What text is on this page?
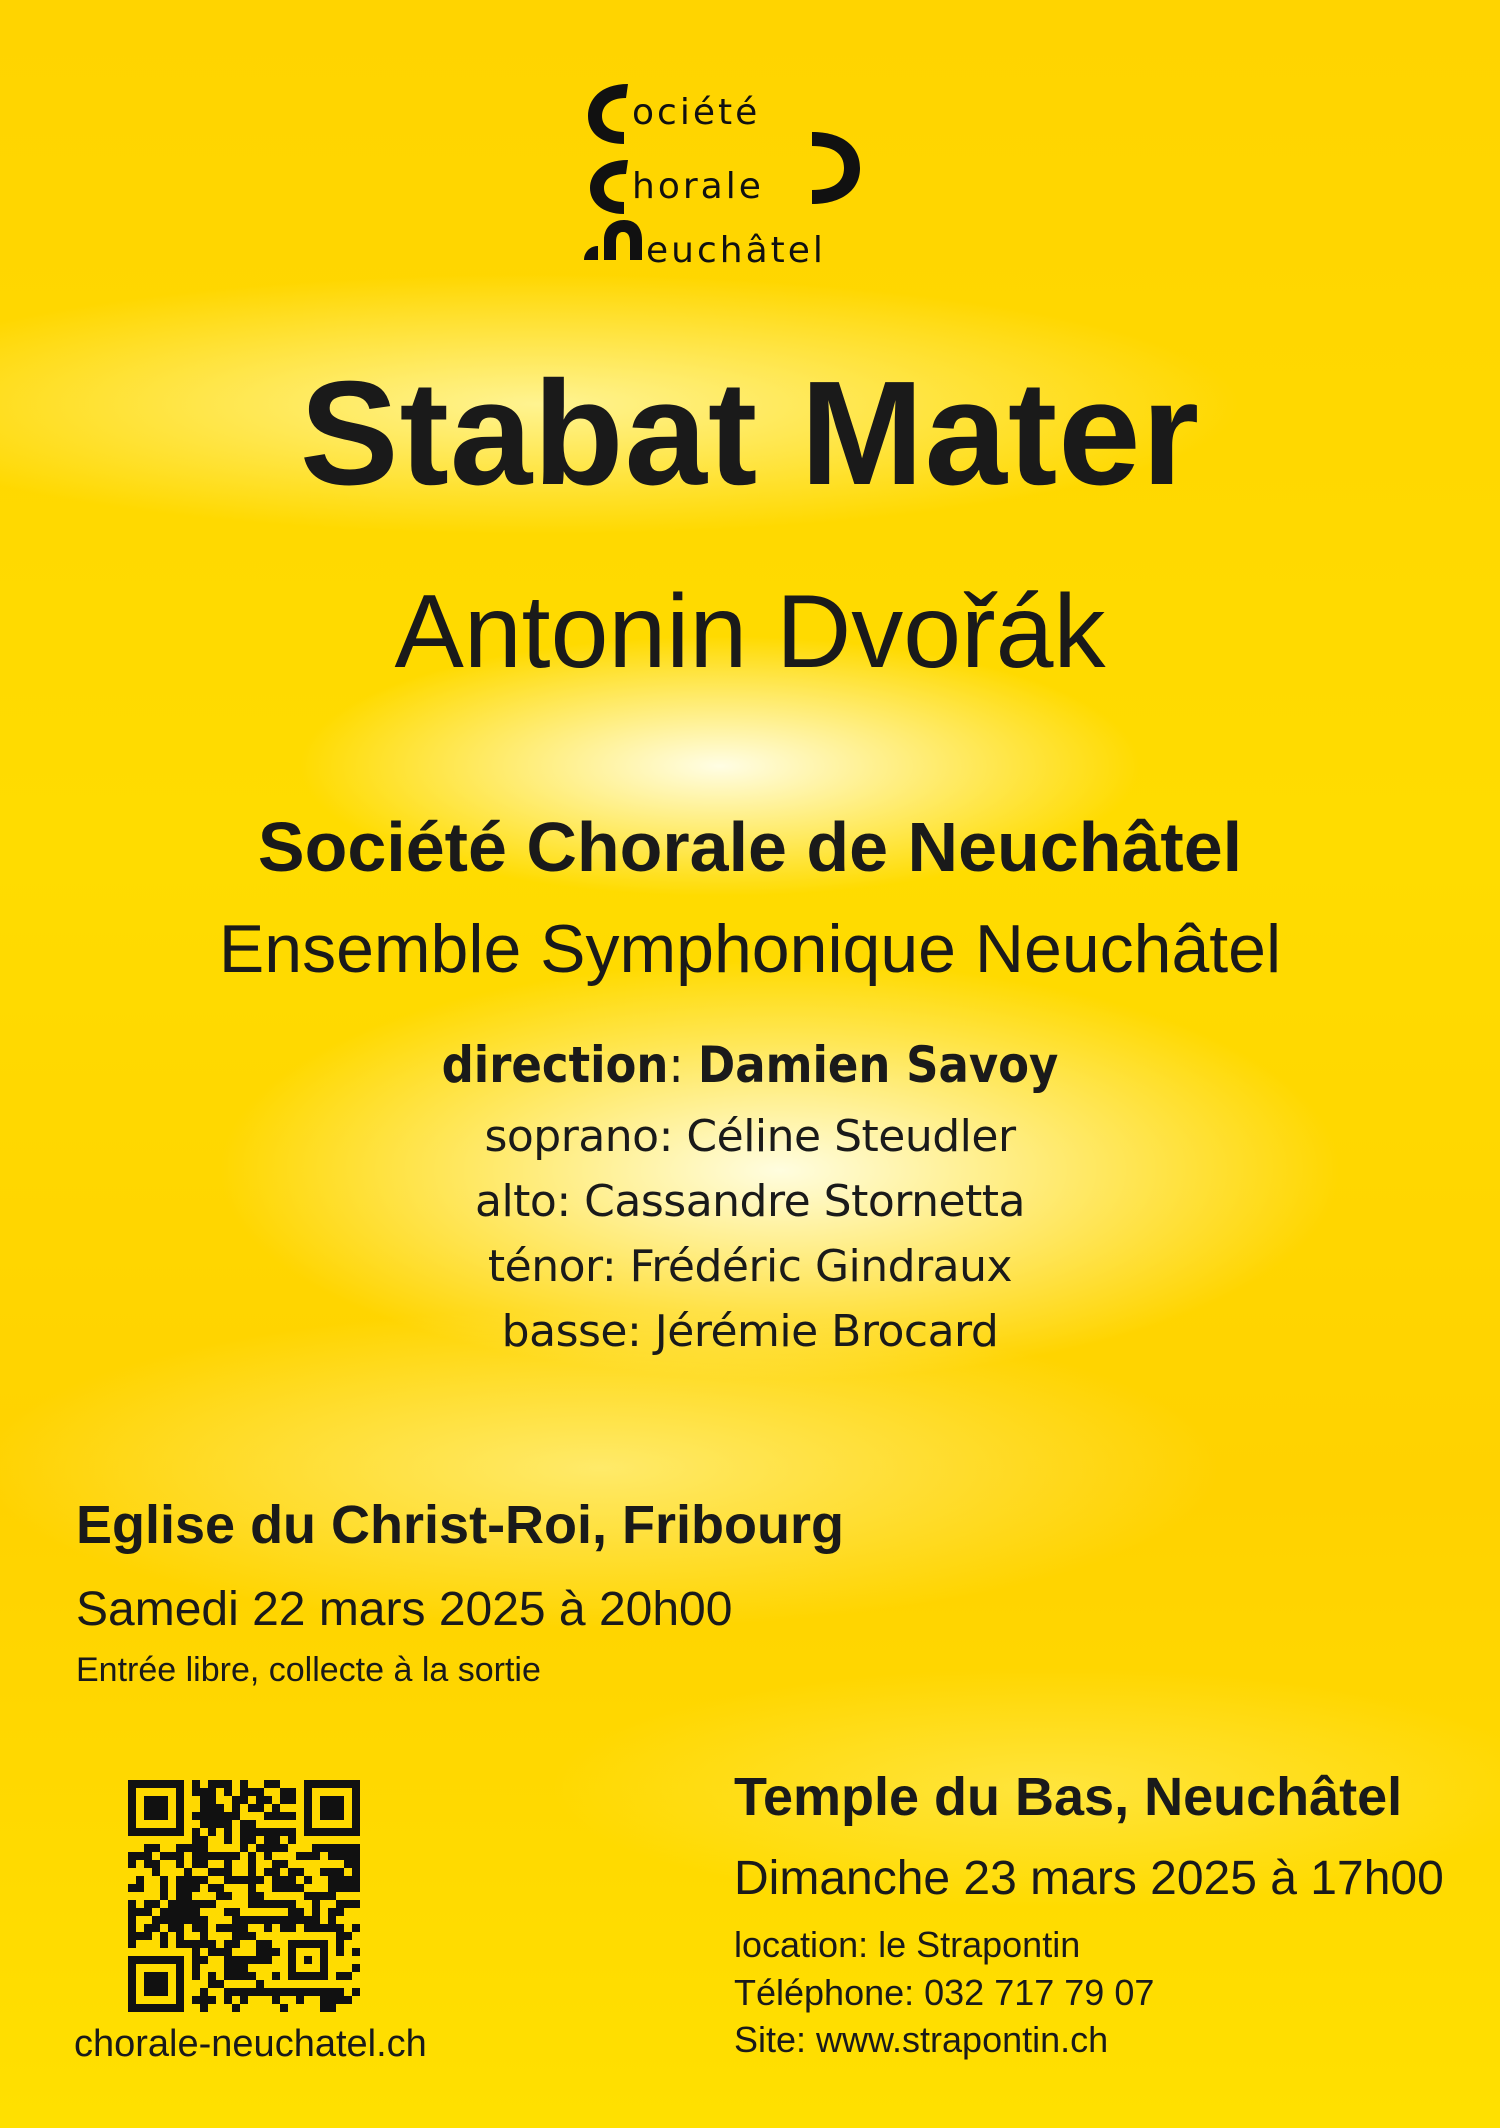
ociété
horale
euchâtel
Stabat Mater
Antonin Dvořák
Société Chorale de Neuchâtel
Ensemble Symphonique Neuchâtel
direction: Damien Savoy
soprano: Céline Steudler
alto: Cassandre Stornetta
ténor: Frédéric Gindraux
basse: Jérémie Brocard
Eglise du Christ-Roi, Fribourg
Samedi 22 mars 2025 à 20h00
Entrée libre, collecte à la sortie
Temple du Bas, Neuchâtel
Dimanche 23 mars 2025 à 17h00
location: le Strapontin
Téléphone: 032 717 79 07
Site: www.strapontin.ch
chorale-neuchatel.ch
